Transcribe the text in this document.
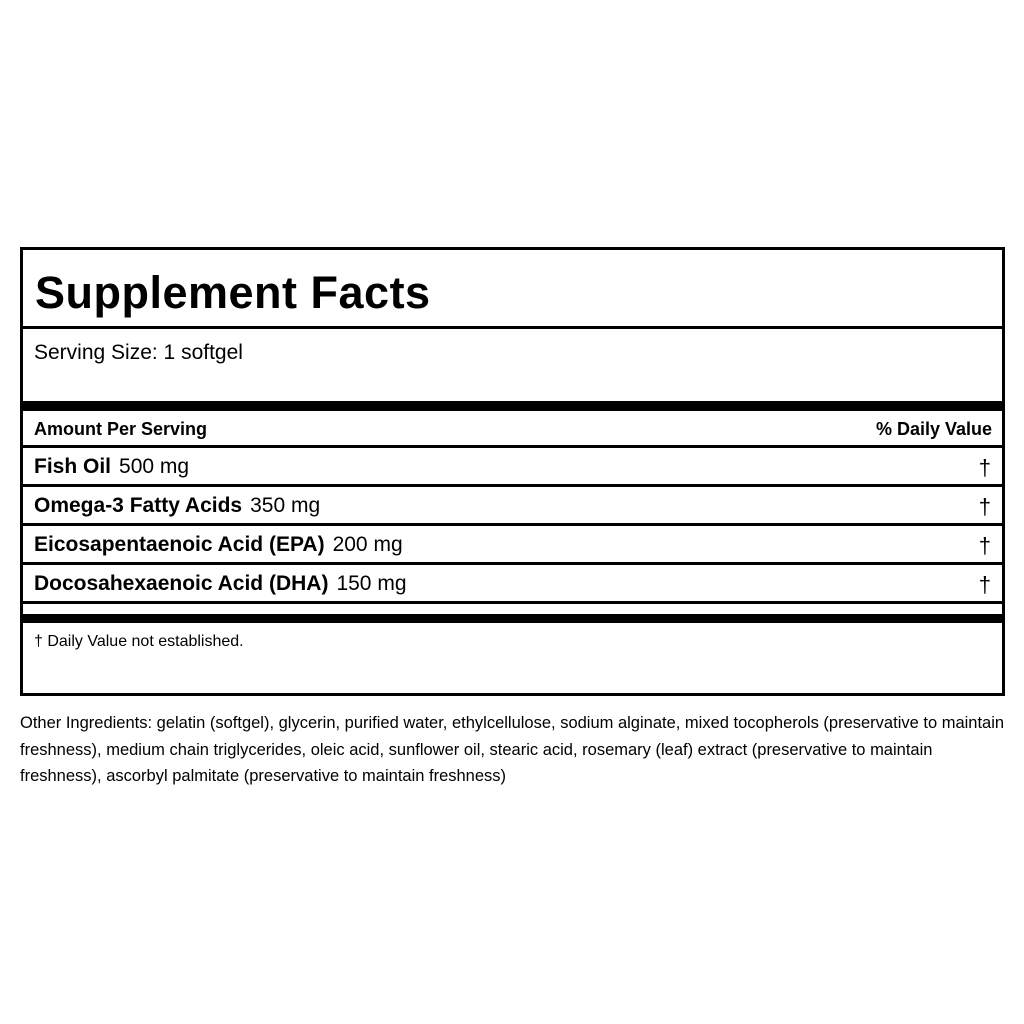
Supplement Facts
Serving Size: 1 softgel
Amount Per Serving	% Daily Value
Fish Oil 500 mg	†
Omega-3 Fatty Acids 350 mg	†
Eicosapentaenoic Acid (EPA) 200 mg	†
Docosahexaenoic Acid (DHA) 150 mg	†
† Daily Value not established.
Other Ingredients: gelatin (softgel), glycerin, purified water, ethylcellulose, sodium alginate, mixed tocopherols (preservative to maintain freshness), medium chain triglycerides, oleic acid, sunflower oil, stearic acid, rosemary (leaf) extract (preservative to maintain freshness), ascorbyl palmitate (preservative to maintain freshness)
